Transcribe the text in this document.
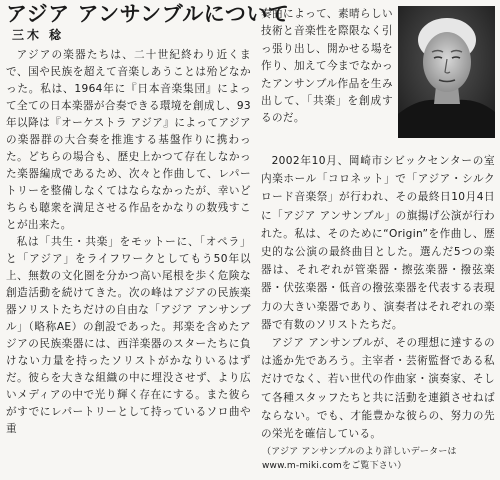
アジア アンサンブルについて
三木 稔

アジアの楽器たちは、二十世紀終わり近くまで、国や民族を超えて音楽しあうことは殆どなかった。私は、1964年に『日本音楽集団』によって全ての日本楽器が合奏できる環境を創成し、93年以降は『オーケストラ アジア』によってアジアの楽器群の大合奏を推進する基盤作りに携わった。どちらの場合も、歴史上かつて存在しなかった楽器編成であるため、次々と作曲して、レパートリーを整備しなくてはならなかったが、幸いどちらも聴衆を満足させる作品をかなりの数残すことが出来た。

私は「共生・共楽」をモットーに、「オペラ」と「アジア」をライフワークとしてもう50年以上、無数の文化圏を分かつ高い尾根を歩く危険な創造活動を続けてきた。次の峰はアジアの民族楽器ソリストたちだけの自由な「アジア アンサンブル」（略称AE）の創設であった。邦楽を含めたアジアの民族楽器には、西洋楽器のスターたちに負けない力量を持ったソリストがかなりいるはずだ。彼らを大きな組織の中に埋没させず、より広いメディアの中で光り輝く存在にする。また彼らがすでにレパートリーとして持っているソロ曲や重

奏曲によって、素晴らしい技術と音楽性を際限なく引っ張り出し、開かせる場を作り、加えて今までなかったアンサンブル作品を生み出して、「共楽」を創成するのだ。

2002年10月、岡崎市シビックセンターの室内楽ホール「コロネット」で「アジア・シルクロード音楽祭」が行われ、その最終日10月4日に「アジア アンサンブル」の旗揚げ公演が行われた。私は、そのために“Origin”を作曲し、歴史的な公演の最終曲目とした。選んだ5つの楽器は、それぞれが管楽器・擦弦楽器・撥弦楽器・伏弦楽器・低音の撥弦楽器を代表する表現力の大きい楽器であり、演奏者はそれぞれの楽器で有数のソリストたちだ。

アジア アンサンブルが、その理想に達するのは遙か先であろう。主宰者・芸術監督である私だけでなく、若い世代の作曲家・演奏家、そして各種スタッフたちと共に活動を連鎖させねばならない。でも、才能豊かな彼らの、努力の先の栄光を確信している。

（アジア アンサンブルのより詳しいデーターは
www.m-miki.comをご覧下さい）
